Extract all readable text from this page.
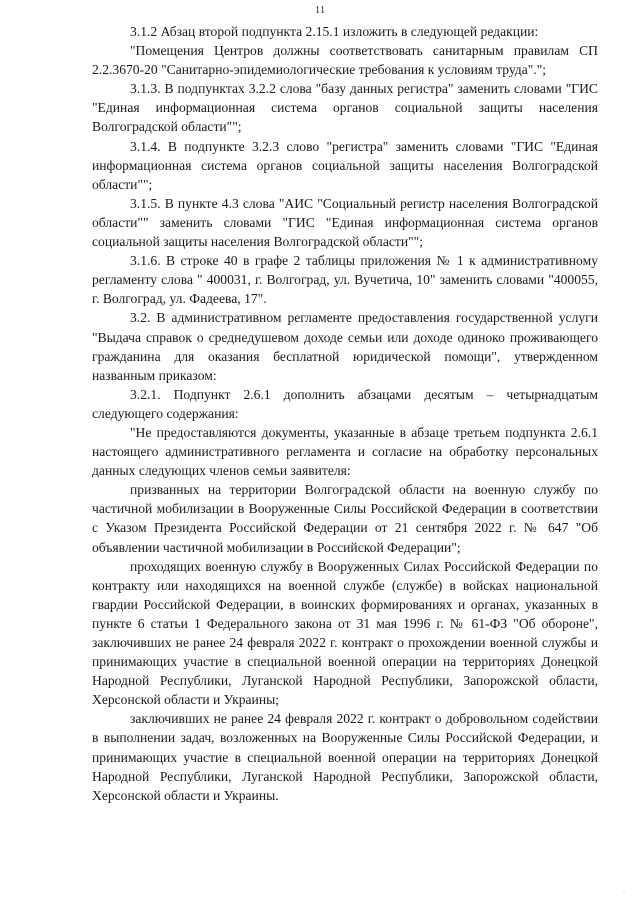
11

3.1.2 Абзац второй подпункта 2.15.1 изложить в следующей редакции:

"Помещения Центров должны соответствовать санитарным правилам СП 2.2.3670-20 "Санитарно-эпидемиологические требования к условиям труда".";

3.1.3. В подпунктах 3.2.2 слова "базу данных регистра" заменить словами "ГИС "Единая информационная система органов социальной защиты населения Волгоградской области"";

3.1.4. В подпункте 3.2.3 слово "регистра" заменить словами "ГИС "Единая информационная система органов социальной защиты населения Волгоградской области"";

3.1.5. В пункте 4.3 слова "АИС "Социальный регистр населения Волгоградской области"" заменить словами "ГИС "Единая информационная система органов социальной защиты населения Волгоградской области"";

3.1.6. В строке 40 в графе 2 таблицы приложения № 1 к административному регламенту слова " 400031, г. Волгоград, ул. Вучетича, 10" заменить словами "400055, г. Волгоград, ул. Фадеева, 17".

3.2. В административном регламенте предоставления государственной услуги "Выдача справок о среднедушевом доходе семьи или доходе одиноко проживающего гражданина для оказания бесплатной юридической помощи", утвержденном названным приказом:

3.2.1. Подпункт 2.6.1 дополнить абзацами десятым – четырнадцатым следующего содержания:

"Не предоставляются документы, указанные в абзаце третьем подпункта 2.6.1 настоящего административного регламента и согласие на обработку персональных данных следующих членов семьи заявителя:

призванных на территории Волгоградской области на военную службу по частичной мобилизации в Вооруженные Силы Российской Федерации в соответствии с Указом Президента Российской Федерации от 21 сентября 2022 г. № 647 "Об объявлении частичной мобилизации в Российской Федерации";

проходящих военную службу в Вооруженных Силах Российской Федерации по контракту или находящихся на военной службе (службе) в войсках национальной гвардии Российской Федерации, в воинских формированиях и органах, указанных в пункте 6 статьи 1 Федерального закона от 31 мая 1996 г. № 61-ФЗ "Об обороне", заключивших не ранее 24 февраля 2022 г. контракт о прохождении военной службы и принимающих участие в специальной военной операции на территориях Донецкой Народной Республики, Луганской Народной Республики, Запорожской области, Херсонской области и Украины;

заключивших не ранее 24 февраля 2022 г. контракт о добровольном содействии в выполнении задач, возложенных на Вооруженные Силы Российской Федерации, и принимающих участие в специальной военной операции на территориях Донецкой Народной Республики, Луганской Народной Республики, Запорожской области, Херсонской области и Украины.

·
